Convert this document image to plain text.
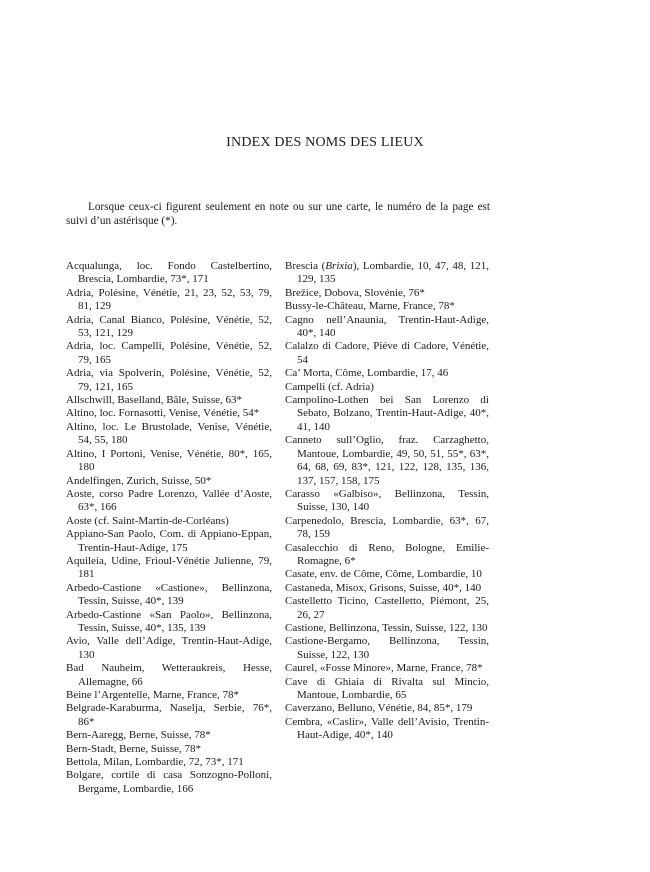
INDEX DES NOMS DES LIEUX

Lorsque ceux-ci figurent seulement en note ou sur une carte, le numéro de la page est suivi d’un astérisque (*).

Acqualunga, loc. Fondo Castelbertino, Brescia, Lombardie, 73*, 171

Adria, Polésine, Vénétie, 21, 23, 52, 53, 79, 81, 129

Adria, Canal Bianco, Polésine, Vénétie, 52, 53, 121, 129

Adria, loc. Campelli, Polésine, Vénétie, 52, 79, 165

Adria, via Spolverin, Polésine, Vénétie, 52, 79, 121, 165

Allschwill, Baselland, Bâle, Suisse, 63*

Altino, loc. Fornasotti, Venise, Vénétie, 54*

Altino, loc. Le Brustolade, Venise, Vénétie, 54, 55, 180

Altino, I Portoni, Venise, Vénétie, 80*, 165, 180

Andelfingen, Zurich, Suisse, 50*

Aoste, corso Padre Lorenzo, Vallée d’Aoste, 63*, 166

Aoste (cf. Saint-Martin-de-Corléans)

Appiano-San Paolo, Com. di Appiano-Eppan, Trentin-Haut-Adige, 175

Aquileia, Udine, Frioul-Vénétie Julienne, 79, 181

Arbedo-Castione «Castione», Bellinzona, Tessin, Suisse, 40*, 139

Arbedo-Castione «San Paolo», Bellinzona, Tessin, Suisse, 40*, 135, 139

Avio, Valle dell’Adige, Trentin-Haut-Adige, 130

Bad Nauheim, Wetteraukreis, Hesse, Allemagne, 66

Beine l’Argentelle, Marne, France, 78*

Belgrade-Karaburma, Naselja, Serbie, 76*, 86*

Bern-Aaregg, Berne, Suisse, 78*

Bern-Stadt, Berne, Suisse, 78*

Bettola, Milan, Lombardie, 72, 73*, 171

Bolgare, cortile di casa Sonzogno-Polloni, Bergame, Lombardie, 166

Brescia (Brixia), Lombardie, 10, 47, 48, 121, 129, 135

Brežice, Dobova, Slovénie, 76*

Bussy-le-Château, Marne, France, 78*

Cagno nell’Anaunia, Trentin-Haut-Adige, 40*, 140

Calalzo di Cadore, Piéve di Cadore, Vénétie, 54

Ca’ Morta, Côme, Lombardie, 17, 46

Campelli (cf. Adria)

Campolino-Lothen bei San Lorenzo di Sebato, Bolzano, Trentin-Haut-Adige, 40*, 41, 140

Canneto sull’Oglio, fraz. Carzaghetto, Mantoue, Lombardie, 49, 50, 51, 55*, 63*, 64, 68, 69, 83*, 121, 122, 128, 135, 136, 137, 157, 158, 175

Carasso «Galbiso», Bellinzona, Tessin, Suisse, 130, 140

Carpenedolo, Brescia, Lombardie, 63*, 67, 78, 159

Casalecchio di Reno, Bologne, Emilie-Romagne, 6*

Casate, env. de Côme, Côme, Lombardie, 10

Castaneda, Misox, Grisons, Suisse, 40*, 140

Castelletto Ticino, Castelletto, Piémont, 25, 26, 27

Castione, Bellinzona, Tessin, Suisse, 122, 130

Castione-Bergamo, Bellinzona, Tessin, Suisse, 122, 130

Caurel, «Fosse Minore», Marne, France, 78*

Cave di Ghiaia di Rivalta sul Mincio, Mantoue, Lombardie, 65

Caverzano, Belluno, Vénétie, 84, 85*, 179

Cembra, «Caslir», Valle dell’Avisio, Trentin-Haut-Adige, 40*, 140
